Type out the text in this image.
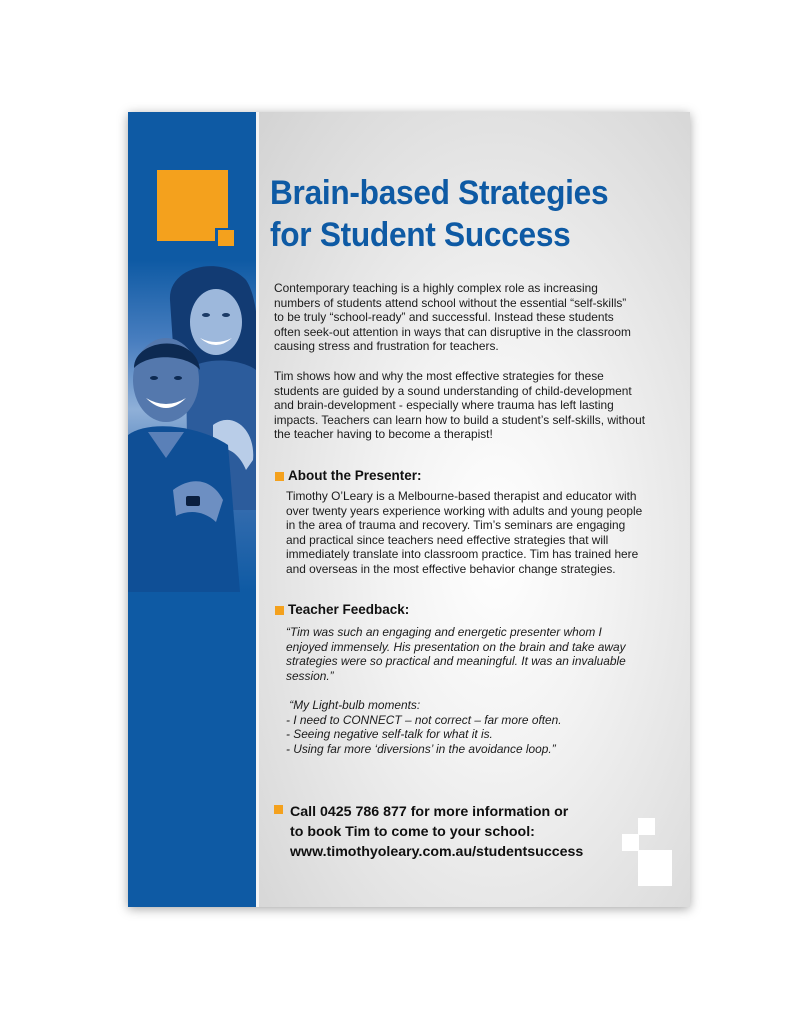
Brain-based Strategies
for Student Success
Contemporary teaching is a highly complex role as increasing
numbers of students attend school without the essential “self-skills”
to be truly “school-ready” and successful. Instead these students
often seek-out attention in ways that can disruptive in the classroom
causing stress and frustration for teachers.
Tim shows how and why the most effective strategies for these
students are guided by a sound understanding of child-development
and brain-development - especially where trauma has left lasting
impacts. Teachers can learn how to build a student’s self-skills, without
the teacher having to become a therapist!
About the Presenter:
Timothy O’Leary is a Melbourne-based therapist and educator with
over twenty years experience working with adults and young people
in the area of trauma and recovery. Tim’s seminars are engaging
and practical since teachers need effective strategies that will
immediately translate into classroom practice. Tim has trained here
and overseas in the most effective behavior change strategies.
Teacher Feedback:
“Tim was such an engaging and energetic presenter whom I
enjoyed immensely. His presentation on the brain and take away
strategies were so practical and meaningful. It was an invaluable
session.”
“My Light-bulb moments:
- I need to CONNECT – not correct – far more often.
- Seeing negative self-talk for what it is.
- Using far more ‘diversions’ in the avoidance loop.”
Call 0425 786 877 for more information or
to book Tim to come to your school:
www.timothyoleary.com.au/studentsuccess
